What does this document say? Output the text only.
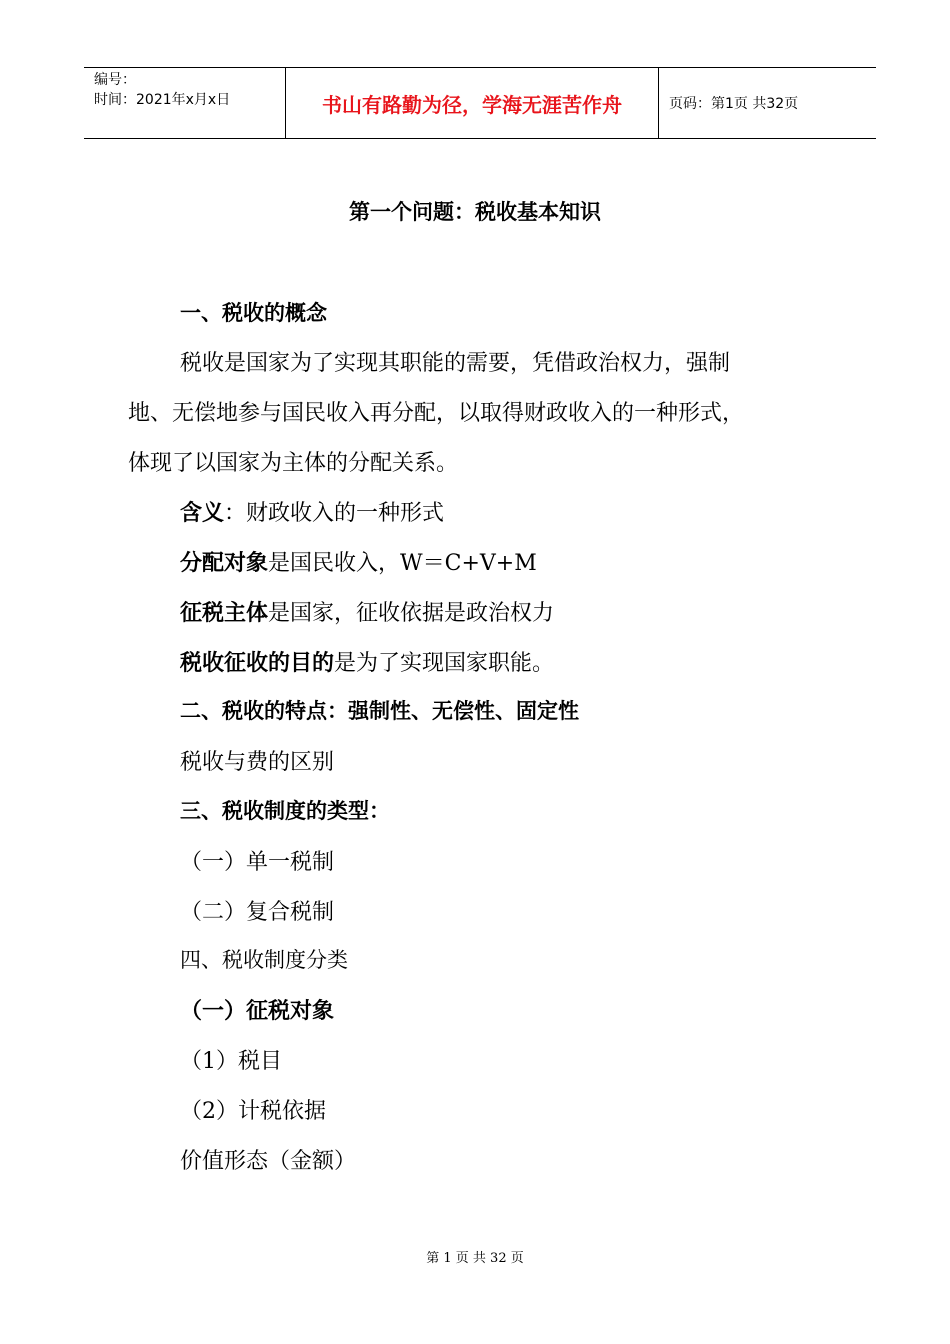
编号：
时间：2021年x月x日	书山有路勤为径，学海无涯苦作舟	页码：第1页 共32页
第一个问题：税收基本知识
一、税收的概念
税收是国家为了实现其职能的需要，凭借政治权力，强制
地、无偿地参与国民收入再分配，以取得财政收入的一种形式，
体现了以国家为主体的分配关系。
含义：财政收入的一种形式
分配对象是国民收入，W＝C+V+M
征税主体是国家，征收依据是政治权力
税收征收的目的是为了实现国家职能。
二、税收的特点：强制性、无偿性、固定性
税收与费的区别
三、税收制度的类型：
（一）单一税制
（二）复合税制
四、税收制度分类
（一）征税对象
（1）税目
（2）计税依据
价值形态（金额）
第 1 页 共 32 页
